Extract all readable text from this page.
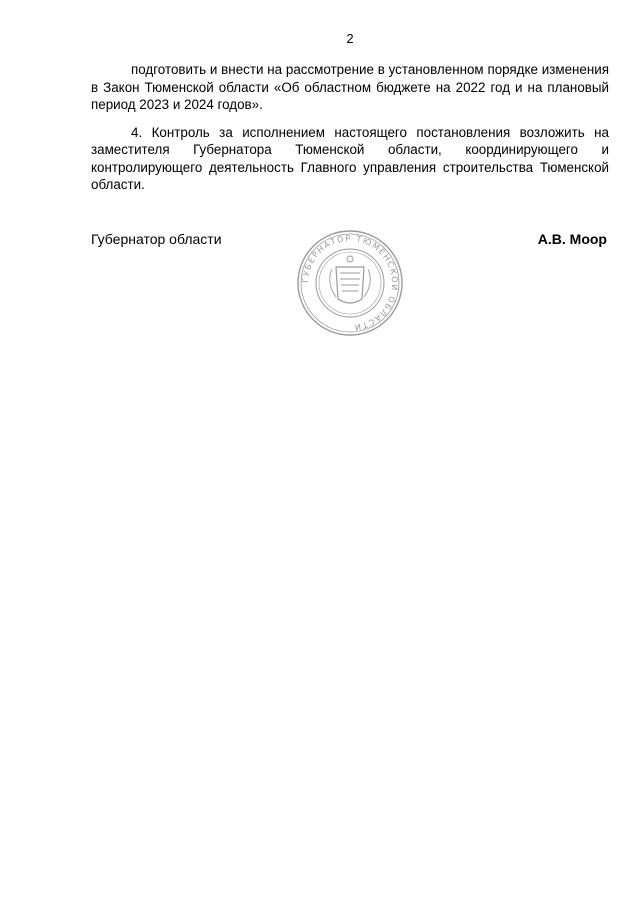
2

подготовить и внести на рассмотрение в установленном порядке изменения в Закон Тюменской области «Об областном бюджете на 2022 год и на плановый период 2023 и 2024 годов».

4. Контроль за исполнением настоящего постановления возложить на заместителя Губернатора Тюменской области, координирующего и контролирующего деятельность Главного управления строительства Тюменской области.

Губернатор области	А.В. Моор
ГУБЕРНАТОР ТЮМЕНСКОЙ ОБЛАСТИ
